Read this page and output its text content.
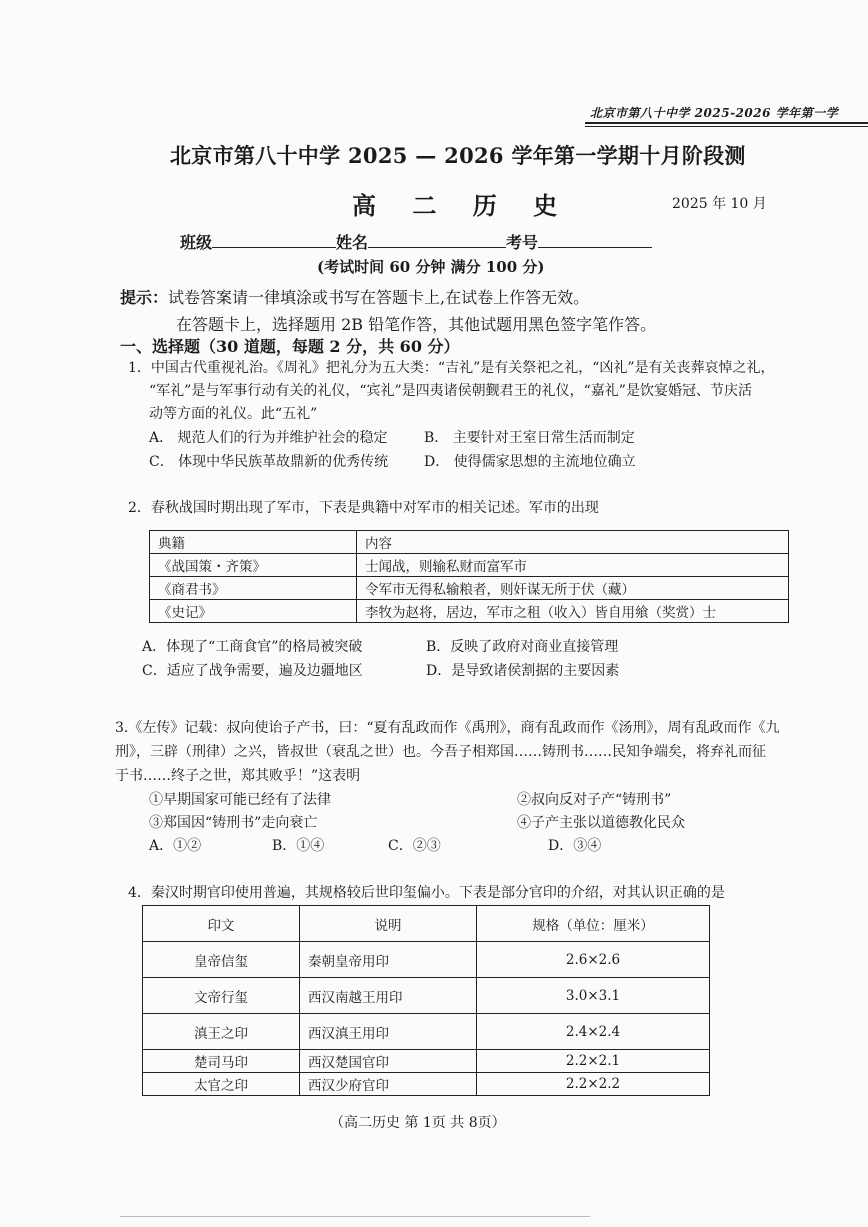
北京市第八十中学 2025-2026 学年第一学
北京市第八十中学 2025 — 2026 学年第一学期十月阶段测
高 二 历 史	2025 年 10 月
班级	姓名	考号
(考试时间 60 分钟 满分 100 分)
提示：试卷答案请一律填涂或书写在答题卡上,在试卷上作答无效。
在答题卡上，选择题用 2B 铅笔作答，其他试题用黑色签字笔作答。
一、选择题（30 道题，每题 2 分，共 60 分）
1．中国古代重视礼治。《周礼》把礼分为五大类：“吉礼”是有关祭祀之礼，“凶礼”是有关丧葬哀悼之礼，
“军礼”是与军事行动有关的礼仪，“宾礼”是四夷诸侯朝觐君王的礼仪，“嘉礼”是饮宴婚冠、节庆活
动等方面的礼仪。此“五礼”
A． 规范人们的行为并维护社会的稳定	B． 主要针对王室日常生活而制定
C． 体现中华民族革故鼎新的优秀传统	D． 使得儒家思想的主流地位确立
2．春秋战国时期出现了军市，下表是典籍中对军市的相关记述。军市的出现
典籍	内容
《战国策・齐策》	士闻战，则输私财而富军市
《商君书》	令军市无得私输粮者，则奸谋无所于伏（藏）
《史记》	李牧为赵将，居边，军市之租（收入）皆自用飨（奖赏）士
A．体现了“工商食官”的格局被突破	B．反映了政府对商业直接管理
C．适应了战争需要，遍及边疆地区	D．是导致诸侯割据的主要因素
3.《左传》记载：叔向使诒子产书，曰：“夏有乱政而作《禹刑》，商有乱政而作《汤刑》，周有乱政而作《九
刑》，三辟（刑律）之兴，皆叔世（衰乱之世）也。今吾子相郑国……铸刑书……民知争端矣，将弃礼而征
于书……终子之世，郑其败乎！”这表明
①早期国家可能已经有了法律	②叔向反对子产“铸刑书”
③郑国因“铸刑书”走向衰亡	④子产主张以道德教化民众
A．①②	B．①④	C．②③	D．③④
4．秦汉时期官印使用普遍，其规格较后世印玺偏小。下表是部分官印的介绍，对其认识正确的是
印文	说明	规格（单位：厘米）
皇帝信玺	秦朝皇帝用印	2.6×2.6
文帝行玺	西汉南越王用印	3.0×3.1
滇王之印	西汉滇王用印	2.4×2.4
楚司马印	西汉楚国官印	2.2×2.1
太官之印	西汉少府官印	2.2×2.2
（高二历史 第 1页 共 8页）
